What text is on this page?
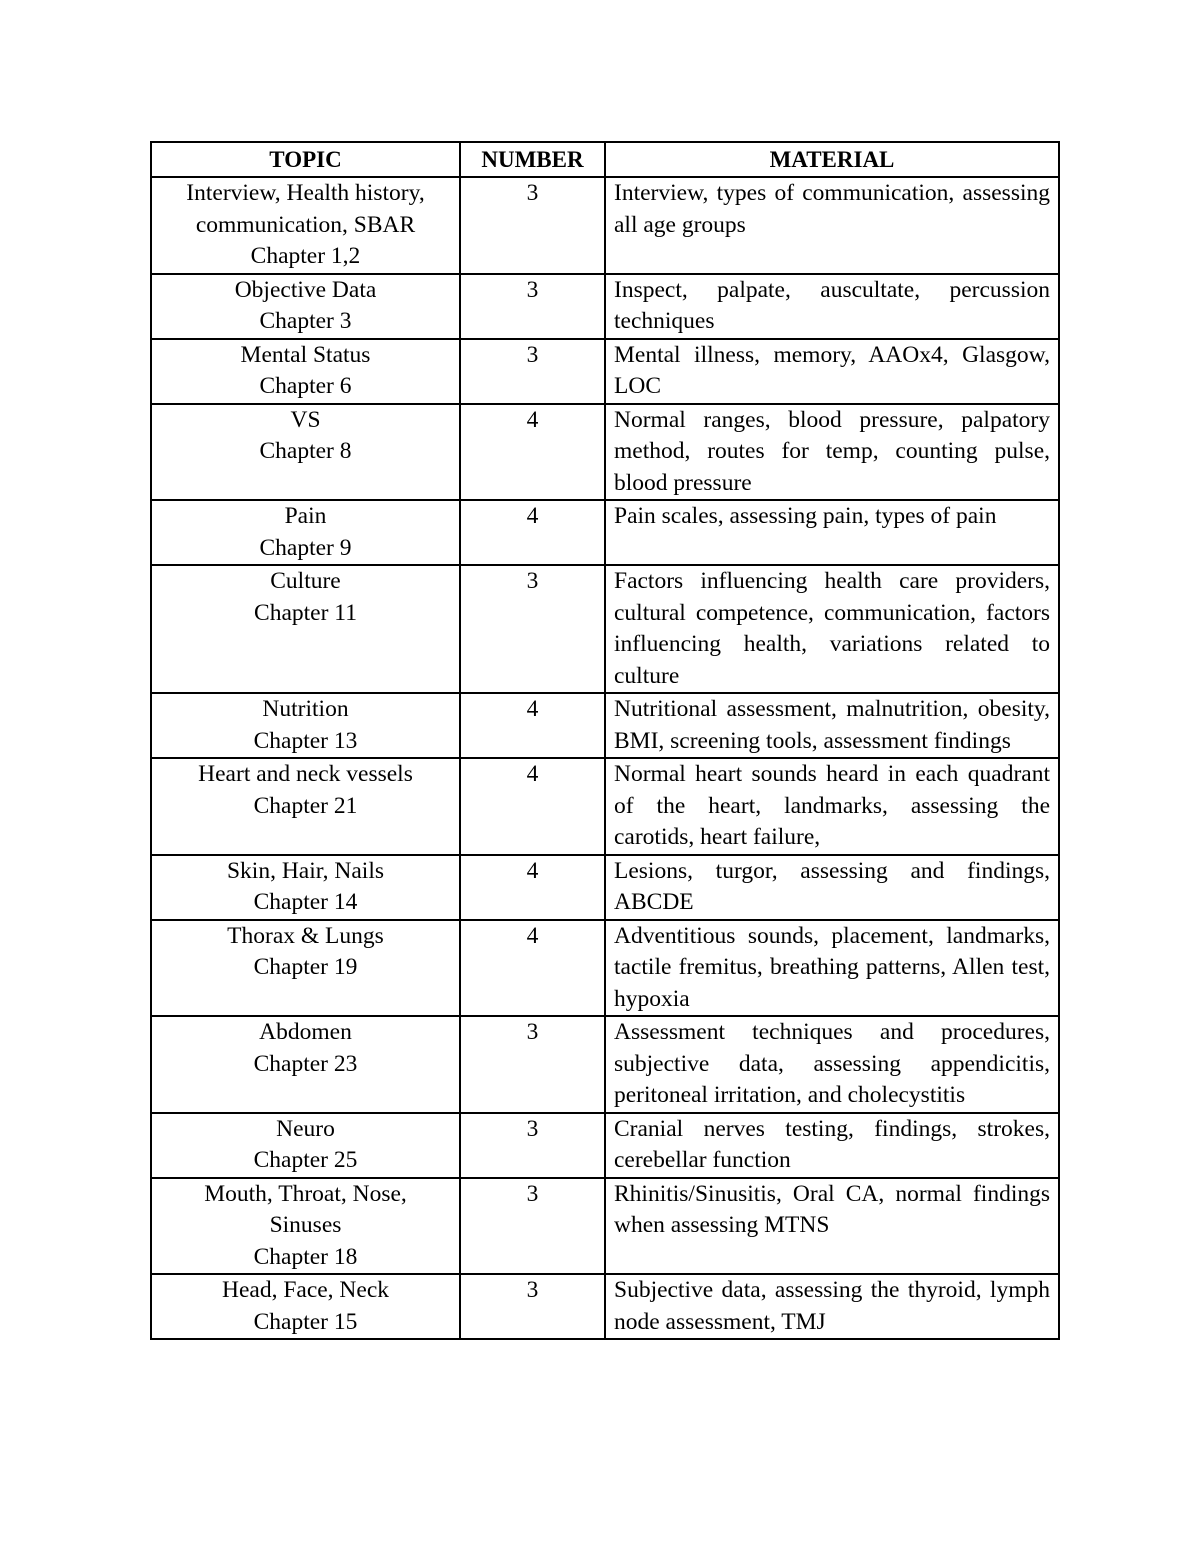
TOPIC	NUMBER	MATERIAL

Interview, Health history,
communication, SBAR
Chapter 1,2	3	Interview, types of communication, assessing all age groups

Objective Data
Chapter 3	3	Inspect, palpate, auscultate, percussion techniques

Mental Status
Chapter 6	3	Mental illness, memory, AAOx4, Glasgow, LOC

VS
Chapter 8	4	Normal ranges, blood pressure, palpatory method, routes for temp, counting pulse, blood pressure

Pain
Chapter 9	4	Pain scales, assessing pain, types of pain

Culture
Chapter 11	3	Factors influencing health care providers, cultural competence, communication, factors influencing health, variations related to culture

Nutrition
Chapter 13	4	Nutritional assessment, malnutrition, obesity, BMI, screening tools, assessment findings

Heart and neck vessels
Chapter 21	4	Normal heart sounds heard in each quadrant of the heart, landmarks, assessing the carotids, heart failure,

Skin, Hair, Nails
Chapter 14	4	Lesions, turgor, assessing and findings, ABCDE

Thorax & Lungs
Chapter 19	4	Adventitious sounds, placement, landmarks, tactile fremitus, breathing patterns, Allen test, hypoxia

Abdomen
Chapter 23	3	Assessment techniques and procedures, subjective data, assessing appendicitis, peritoneal irritation, and cholecystitis

Neuro
Chapter 25	3	Cranial nerves testing, findings, strokes, cerebellar function

Mouth, Throat, Nose,
Sinuses
Chapter 18	3	Rhinitis/Sinusitis, Oral CA, normal findings when assessing MTNS

Head, Face, Neck
Chapter 15	3	Subjective data, assessing the thyroid, lymph node assessment, TMJ
